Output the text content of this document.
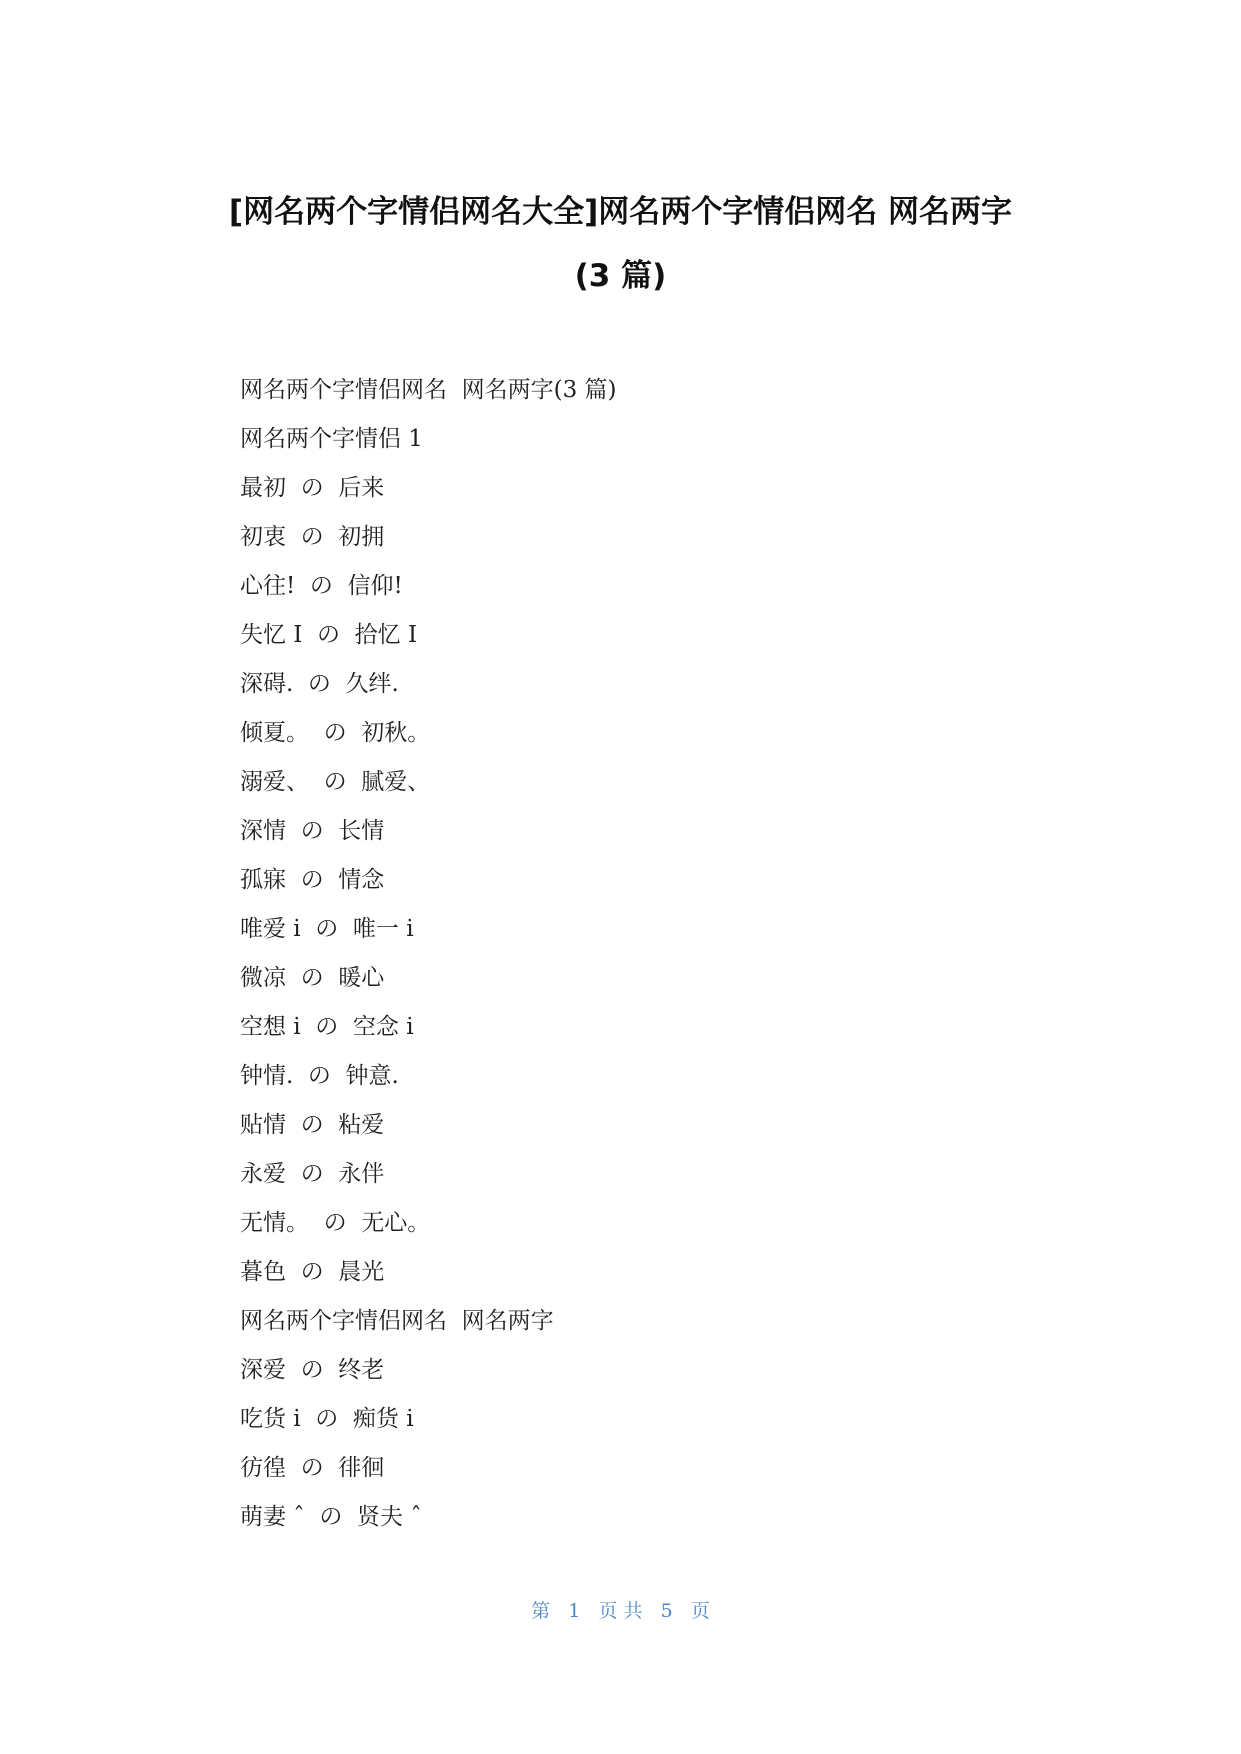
[网名两个字情侣网名大全]网名两个字情侣网名 网名两字
(3 篇)
网名两个字情侣网名  网名两字(3 篇)
网名两个字情侣 1
最初  の  后来
初衷  の  初拥
心往!  の  信仰!
失忆 I  の  拾忆 I
深碍.  の  久绊.
倾夏。  の  初秋。
溺爱、  の  腻爱、
深情  の  长情
孤寐  の  情念
唯爱 i  の  唯一 i
微凉  の  暖心
空想 i  の  空念 i
钟情.  の  钟意.
贴情  の  粘爱
永爱  の  永伴
无情。  の  无心。
暮色  の  晨光
网名两个字情侣网名  网名两字
深爱  の  终老
吃货 i  の  痴货 i
彷徨  の  徘徊
萌妻 ˆ  の  贤夫 ˆ
第   1   页 共   5   页
